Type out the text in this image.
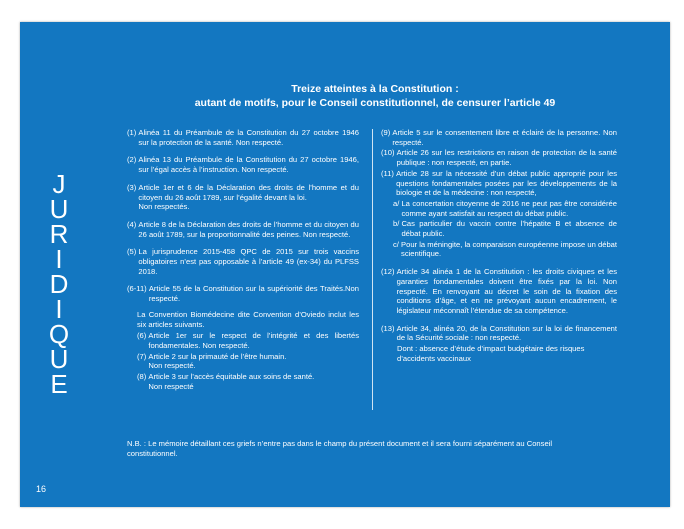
J
U
R
I
D
I
Q
U
E
Treize atteintes à la Constitution :
autant de motifs, pour le Conseil constitutionnel, de censurer l’article 49
(1) Alinéa 11 du Préambule de la Constitution du 27 octobre 1946 sur la protection de la santé. Non respecté.
(2) Alinéa 13 du Préambule de la Constitution du 27 octobre 1946, sur l’égal accès à l’instruction. Non respecté.
(3) Article 1er et 6 de la Déclaration des droits de l’homme et du citoyen du 26 août 1789, sur l’égalité devant la loi.
Non respectés.
(4) Article 8 de la Déclaration des droits de l’homme et du citoyen du 26 août 1789, sur la proportionnalité des peines. Non respecté.
(5) La jurisprudence 2015-458 QPC de 2015 sur trois vaccins obligatoires n’est pas opposable à l’article 49 (ex-34) du PLFSS 2018.
(6-11) Article 55 de la Constitution sur la supériorité des Traités.Non respecté.

La Convention Biomédecine dite Convention d’Oviedo inclut les six articles suivants.

(6) Article 1er sur le respect de l’intégrité et des libertés fondamentales. Non respecté.
(7) Article 2 sur la primauté de l’être humain.
Non respecté.
(8) Article 3 sur l’accès équitable aux soins de santé.
Non respecté
(9) Article 5 sur le consentement libre et éclairé de la personne. Non respecté.
(10) Article 26 sur les restrictions en raison de protection de la santé publique : non respecté, en partie.
(11) Article 28 sur la nécessité d’un débat public approprié pour les questions fondamentales posées par les développements de la biologie et de la médecine : non respecté,
a/ La concertation citoyenne de 2016 ne peut pas être considérée comme ayant satisfait au respect du débat public.
b/ Cas particulier du vaccin contre l’hépatite B et absence de débat public.
c/ Pour la méningite, la comparaison européenne impose un débat scientifique.
(12) Article 34 alinéa 1 de la Constitution : les droits civiques et les garanties fondamentales doivent être fixés par la loi. Non respecté. En renvoyant au décret le soin de la fixation des conditions d’âge, et en ne prévoyant aucun encadrement, le législateur méconnaît l’étendue de sa compétence.
(13) Article 34, alinéa 20, de la Constitution sur la loi de financement de la Sécurité sociale : non respecté.
Dont : absence d’étude d’impact budgétaire des risques d’accidents vaccinaux
N.B. : Le mémoire détaillant ces griefs n’entre pas dans le champ du présent document et il sera fourni séparément au Conseil constitutionnel.
16
